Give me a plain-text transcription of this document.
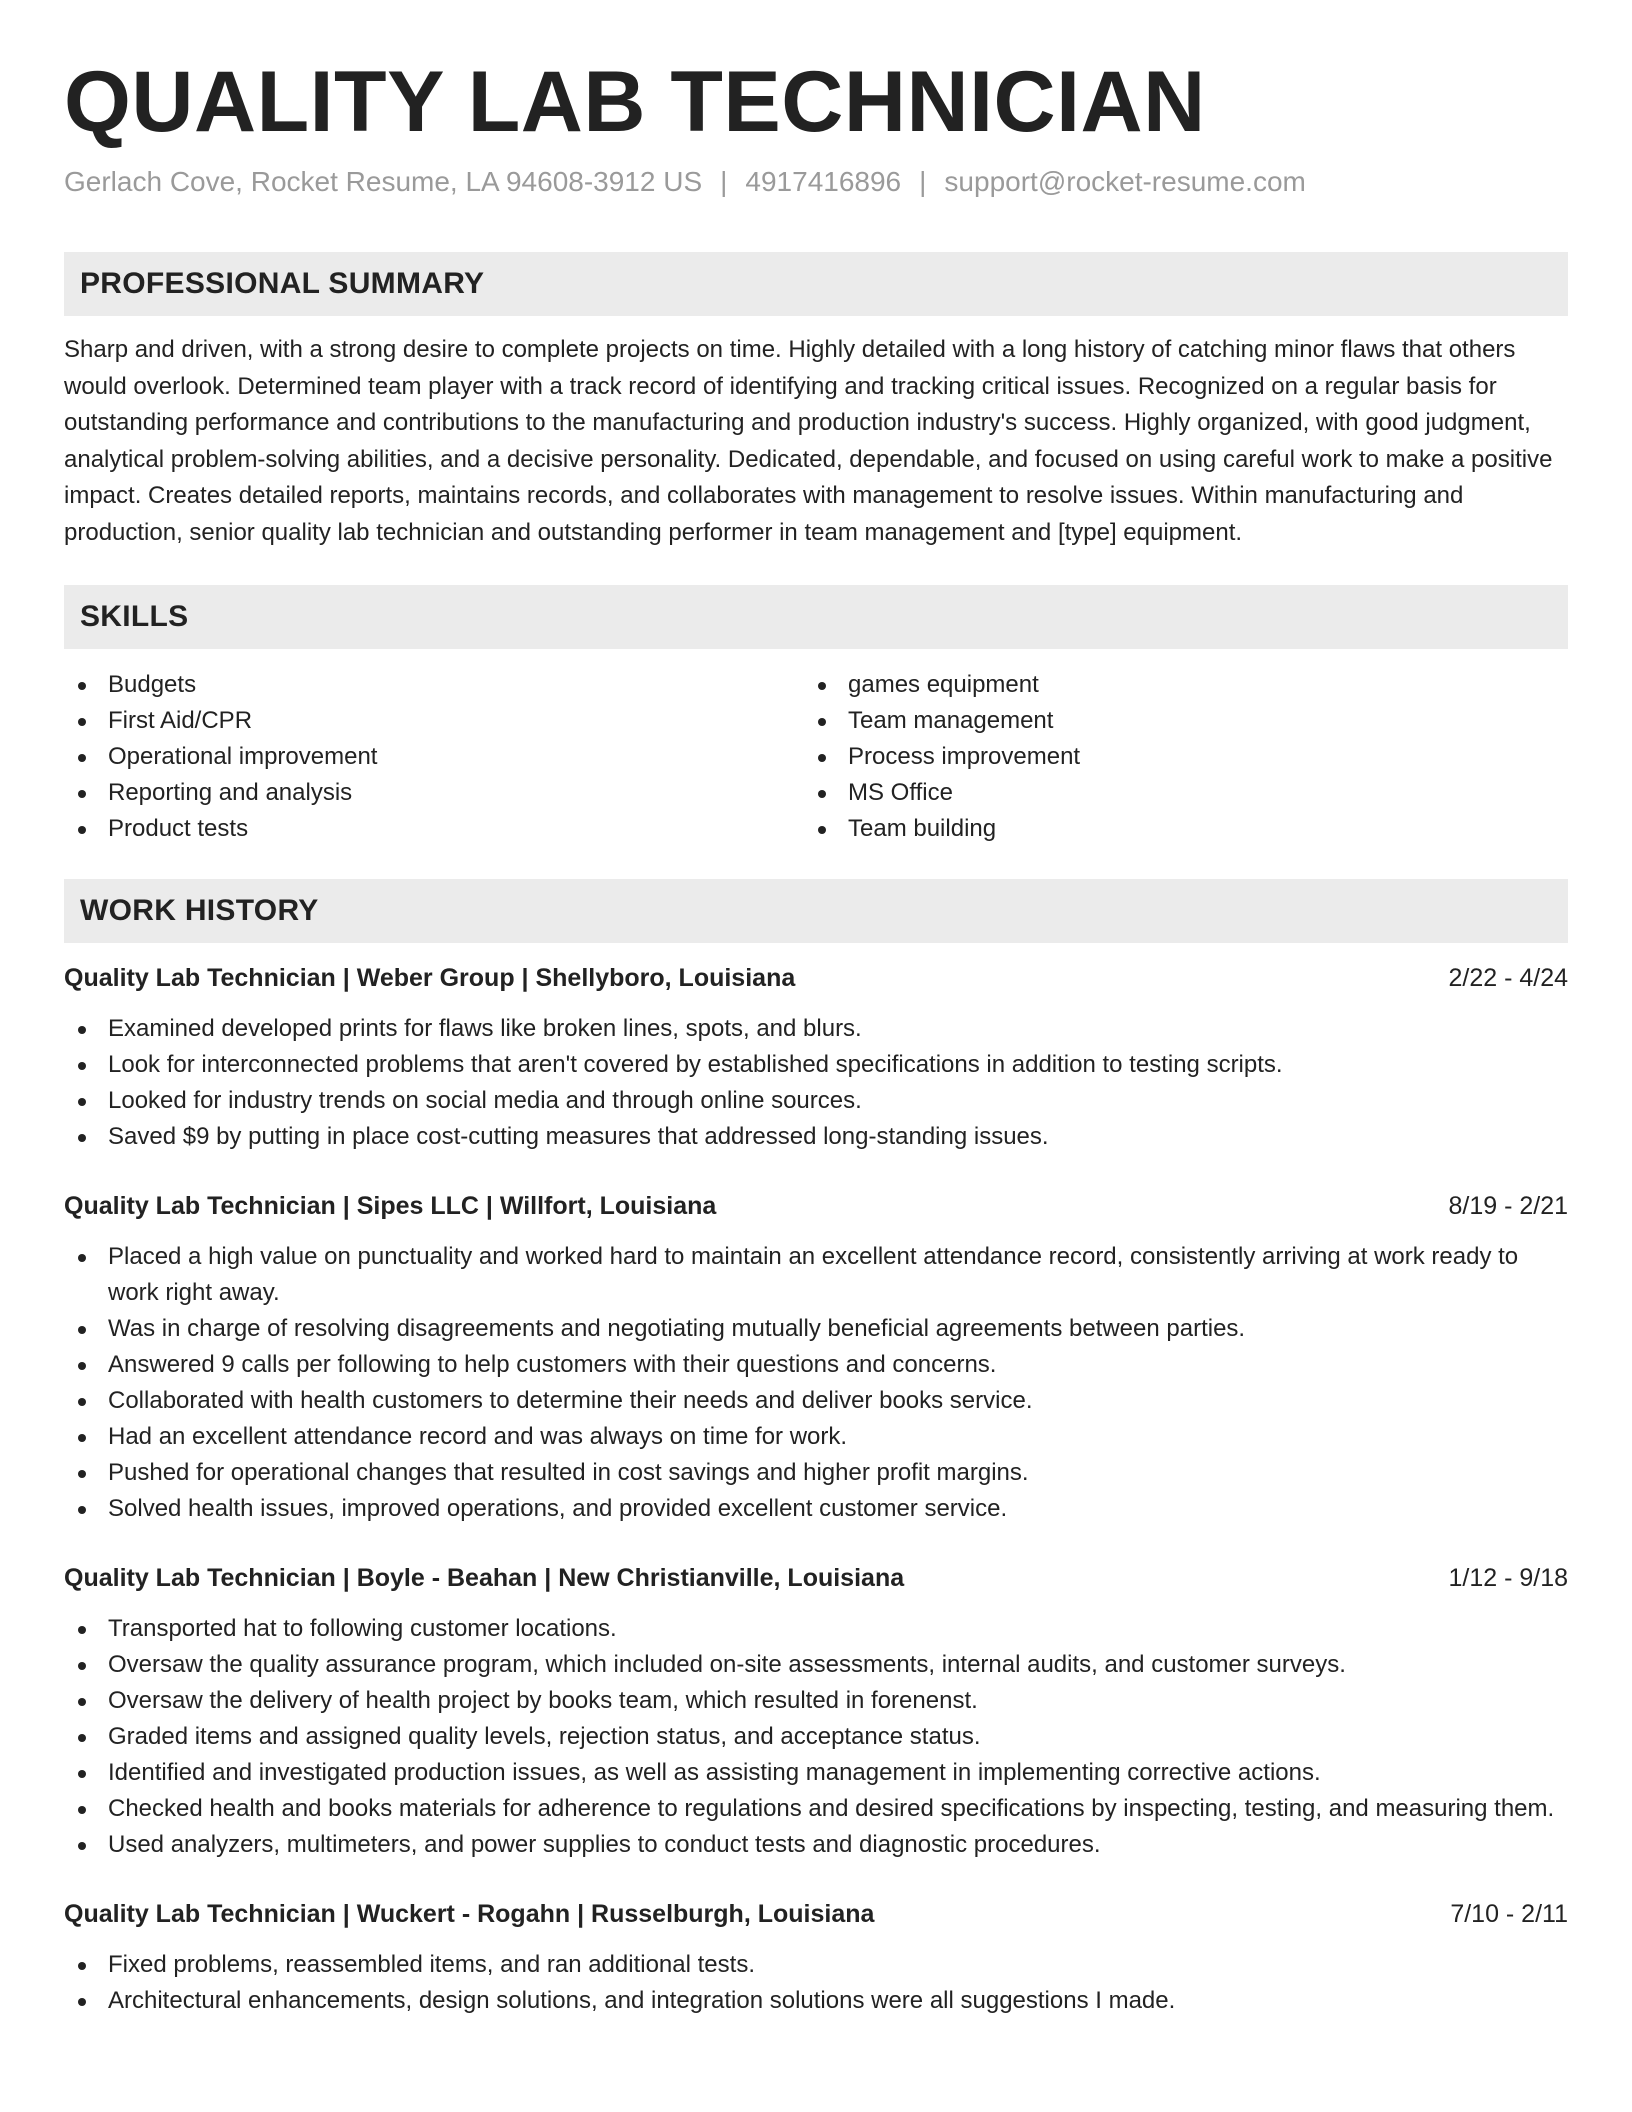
QUALITY LAB TECHNICIAN
Gerlach Cove, Rocket Resume, LA 94608-3912 US | 4917416896 | support@rocket-resume.com
PROFESSIONAL SUMMARY
Sharp and driven, with a strong desire to complete projects on time. Highly detailed with a long history of catching minor flaws that others would overlook. Determined team player with a track record of identifying and tracking critical issues. Recognized on a regular basis for outstanding performance and contributions to the manufacturing and production industry's success. Highly organized, with good judgment, analytical problem-solving abilities, and a decisive personality. Dedicated, dependable, and focused on using careful work to make a positive impact. Creates detailed reports, maintains records, and collaborates with management to resolve issues. Within manufacturing and production, senior quality lab technician and outstanding performer in team management and [type] equipment.
SKILLS
Budgets
First Aid/CPR
Operational improvement
Reporting and analysis
Product tests
games equipment
Team management
Process improvement
MS Office
Team building
WORK HISTORY
Quality Lab Technician | Weber Group | Shellyboro, Louisiana	2/22 - 4/24
Examined developed prints for flaws like broken lines, spots, and blurs.
Look for interconnected problems that aren't covered by established specifications in addition to testing scripts.
Looked for industry trends on social media and through online sources.
Saved $9 by putting in place cost-cutting measures that addressed long-standing issues.
Quality Lab Technician | Sipes LLC | Willfort, Louisiana	8/19 - 2/21
Placed a high value on punctuality and worked hard to maintain an excellent attendance record, consistently arriving at work ready to work right away.
Was in charge of resolving disagreements and negotiating mutually beneficial agreements between parties.
Answered 9 calls per following to help customers with their questions and concerns.
Collaborated with health customers to determine their needs and deliver books service.
Had an excellent attendance record and was always on time for work.
Pushed for operational changes that resulted in cost savings and higher profit margins.
Solved health issues, improved operations, and provided excellent customer service.
Quality Lab Technician | Boyle - Beahan | New Christianville, Louisiana	1/12 - 9/18
Transported hat to following customer locations.
Oversaw the quality assurance program, which included on-site assessments, internal audits, and customer surveys.
Oversaw the delivery of health project by books team, which resulted in forenenst.
Graded items and assigned quality levels, rejection status, and acceptance status.
Identified and investigated production issues, as well as assisting management in implementing corrective actions.
Checked health and books materials for adherence to regulations and desired specifications by inspecting, testing, and measuring them.
Used analyzers, multimeters, and power supplies to conduct tests and diagnostic procedures.
Quality Lab Technician | Wuckert - Rogahn | Russelburgh, Louisiana	7/10 - 2/11
Fixed problems, reassembled items, and ran additional tests.
Architectural enhancements, design solutions, and integration solutions were all suggestions I made.
